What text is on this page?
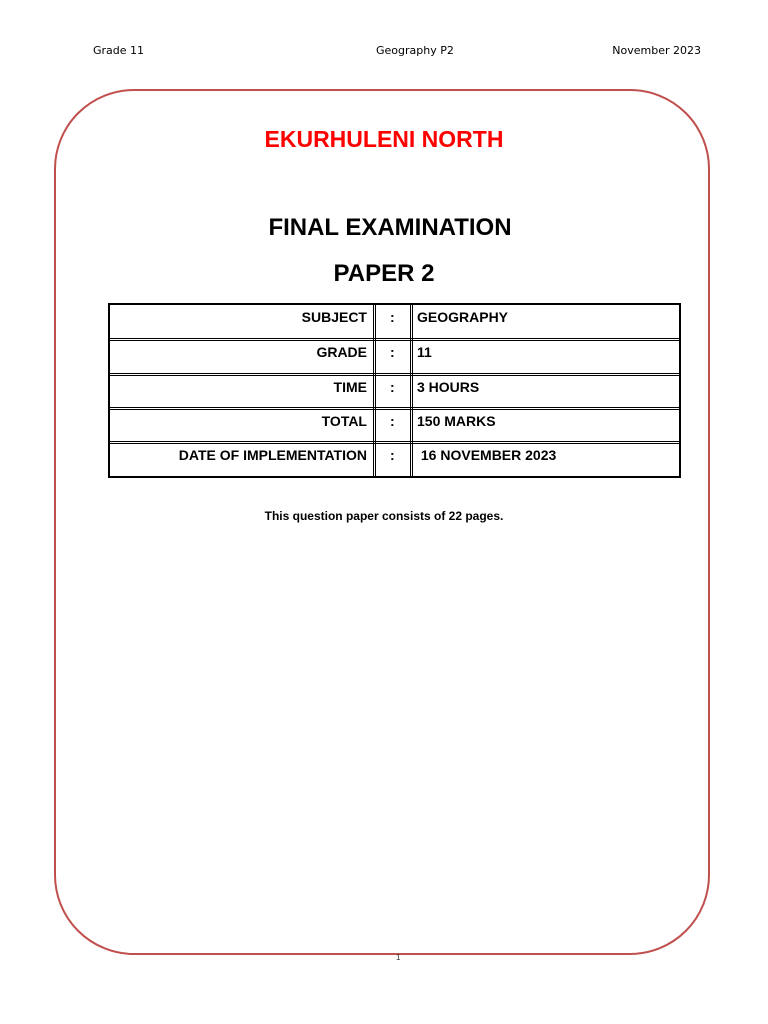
Grade 11	Geography P2	November 2023
EKURHULENI NORTH
FINAL EXAMINATION
PAPER 2
SUBJECT : GEOGRAPHY
GRADE : 11
TIME : 3 HOURS
TOTAL : 150 MARKS
DATE OF IMPLEMENTATION : 16 NOVEMBER 2023
This question paper consists of 22 pages.
1
